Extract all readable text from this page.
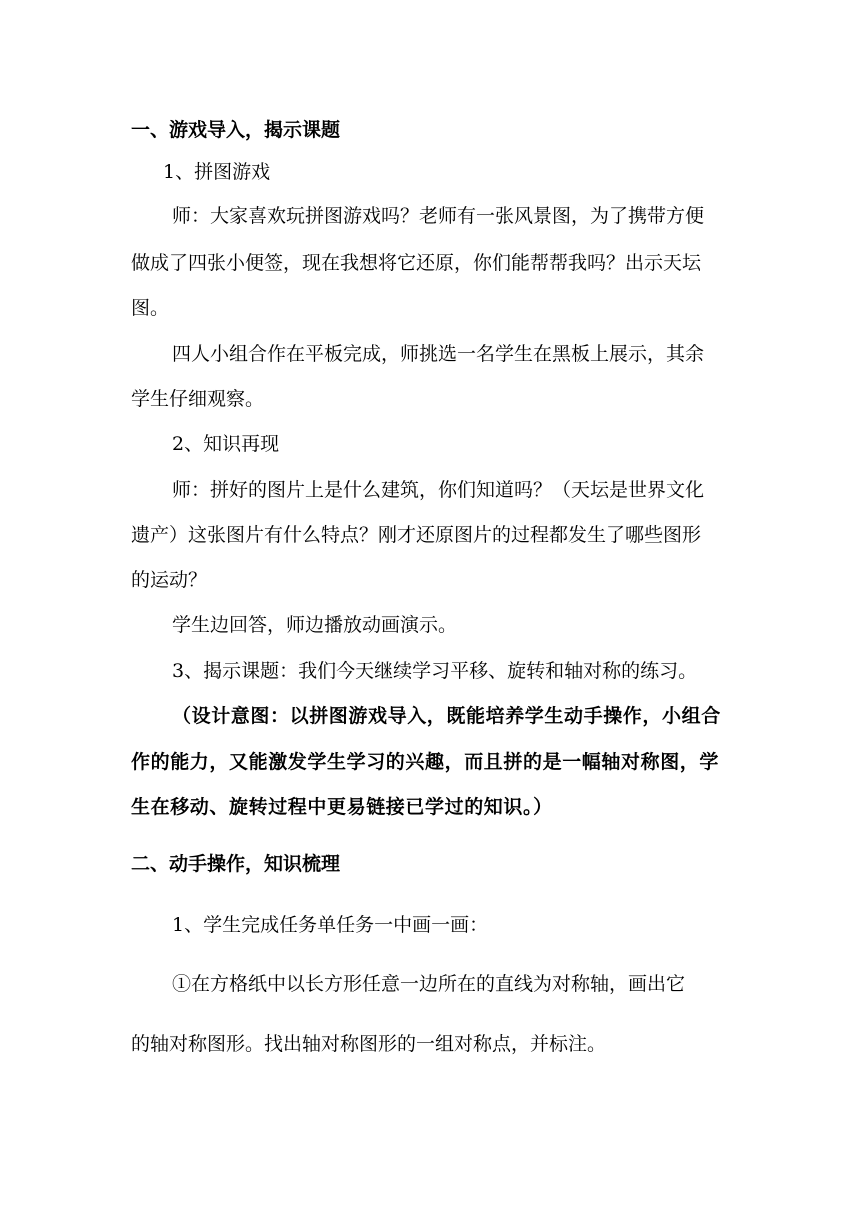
一、游戏导入，揭示课题

1、拼图游戏

师：大家喜欢玩拼图游戏吗？老师有一张风景图，为了携带方便

做成了四张小便签，现在我想将它还原，你们能帮帮我吗？出示天坛

图。

四人小组合作在平板完成，师挑选一名学生在黑板上展示，其余

学生仔细观察。

2、知识再现

师：拼好的图片上是什么建筑，你们知道吗？（天坛是世界文化

遗产）这张图片有什么特点？刚才还原图片的过程都发生了哪些图形

的运动？

学生边回答，师边播放动画演示。

3、揭示课题：我们今天继续学习平移、旋转和轴对称的练习。

（设计意图：以拼图游戏导入，既能培养学生动手操作，小组合

作的能力，又能激发学生学习的兴趣，而且拼的是一幅轴对称图，学

生在移动、旋转过程中更易链接已学过的知识。）

二、动手操作，知识梳理

1、学生完成任务单任务一中画一画：

①在方格纸中以长方形任意一边所在的直线为对称轴，画出它

的轴对称图形。找出轴对称图形的一组对称点，并标注。
